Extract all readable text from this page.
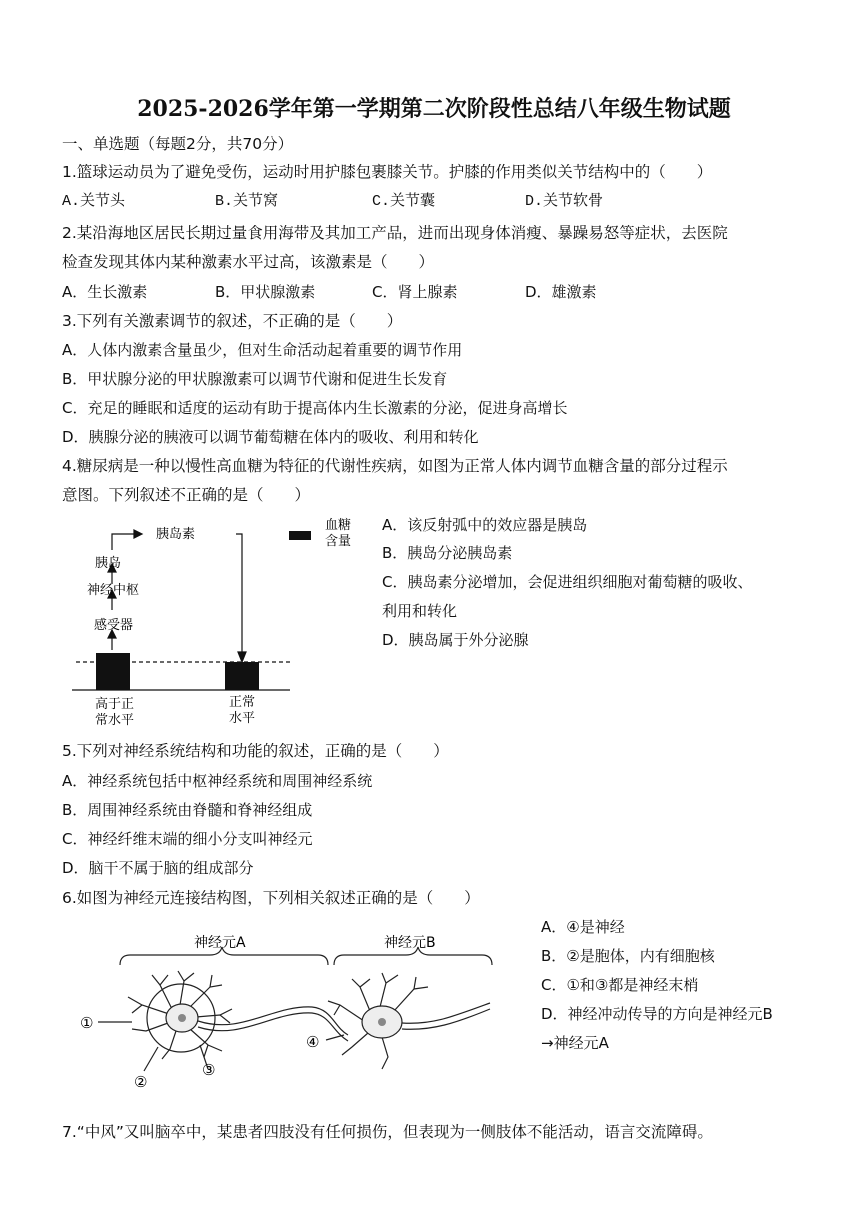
2025-2026学年第一学期第二次阶段性总结八年级生物试题
一、单选题（每题2分，共70分）
1.篮球运动员为了避免受伤，运动时用护膝包裹膝关节。护膝的作用类似关节结构中的（　　）
A.关节头	B.关节窝	C.关节囊	D.关节软骨
2.某沿海地区居民长期过量食用海带及其加工产品，进而出现身体消瘦、暴躁易怒等症状，去医院
检查发现其体内某种激素水平过高，该激素是（　　）
A．生长激素	B．甲状腺激素	C．肾上腺素	D．雄激素
3.下列有关激素调节的叙述，不正确的是（　　）
A．人体内激素含量虽少，但对生命活动起着重要的调节作用
B．甲状腺分泌的甲状腺激素可以调节代谢和促进生长发育
C．充足的睡眠和适度的运动有助于提高体内生长激素的分泌，促进身高增长
D．胰腺分泌的胰液可以调节葡萄糖在体内的吸收、利用和转化
4.糖尿病是一种以慢性高血糖为特征的代谢性疾病，如图为正常人体内调节血糖含量的部分过程示
意图。下列叙述不正确的是（　　）
胰岛素
胰岛
神经中枢
感受器
血糖
含量
高于正
常水平
正常
水平
A．该反射弧中的效应器是胰岛
B．胰岛分泌胰岛素
C．胰岛素分泌增加，会促进组织细胞对葡萄糖的吸收、
利用和转化
D．胰岛属于外分泌腺
5.下列对神经系统结构和功能的叙述，正确的是（　　）
A．神经系统包括中枢神经系统和周围神经系统
B．周围神经系统由脊髓和脊神经组成
C．神经纤维末端的细小分支叫神经元
D．脑干不属于脑的组成部分
6.如图为神经元连接结构图，下列相关叙述正确的是（　　）
神经元A	神经元B
①
②
③
④
A．④是神经
B．②是胞体，内有细胞核
C．①和③都是神经末梢
D．神经冲动传导的方向是神经元B
→神经元A
7.“中风”又叫脑卒中，某患者四肢没有任何损伤，但表现为一侧肢体不能活动，语言交流障碍。
